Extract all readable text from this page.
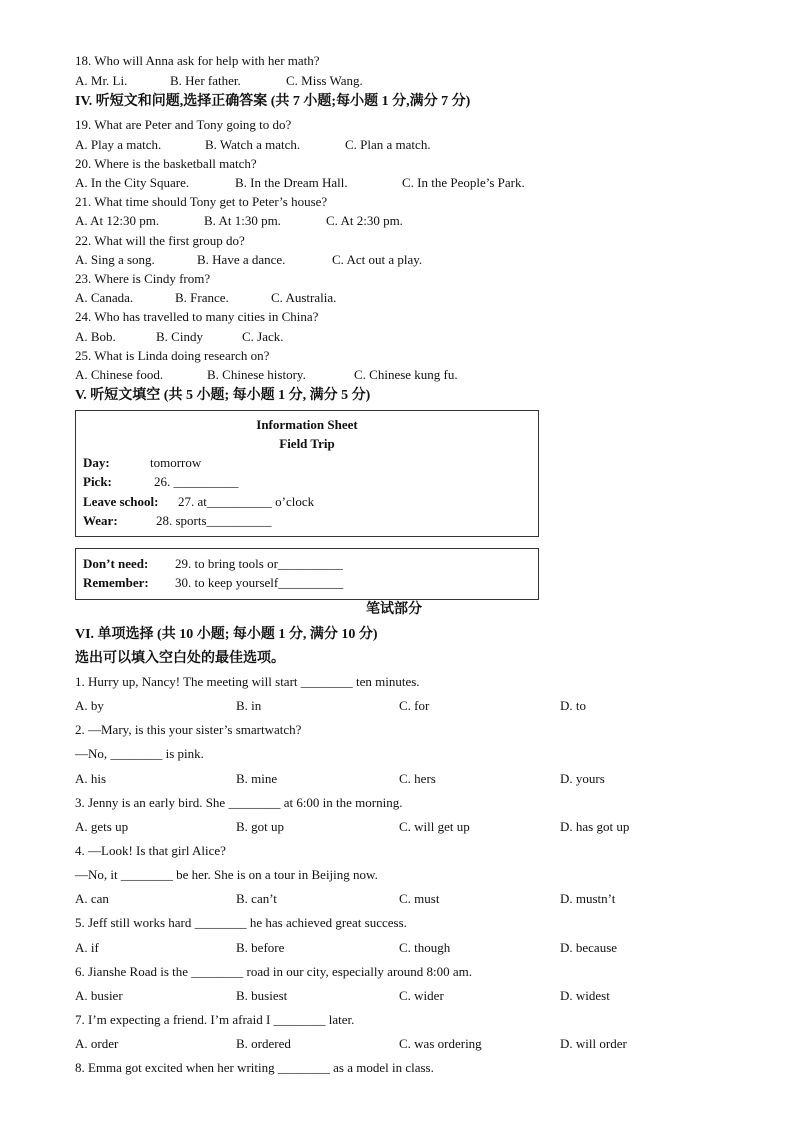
18. Who will Anna ask for help with her math?
A. Mr. Li.	B. Her father.	C. Miss Wang.
IV. 听短文和问题,选择正确答案 (共 7 小题;每小题 1 分,满分 7 分)
19. What are Peter and Tony going to do?
A. Play a match.	B. Watch a match.	C. Plan a match.
20. Where is the basketball match?
A. In the City Square.	B. In the Dream Hall.	C. In the People’s Park.
21. What time should Tony get to Peter’s house?
A. At 12:30 pm.	B. At 1:30 pm.	C. At 2:30 pm.
22. What will the first group do?
A. Sing a song.	B. Have a dance.	C. Act out a play.
23. Where is Cindy from?
A. Canada.	B. France.	C. Australia.
24. Who has travelled to many cities in China?
A. Bob.	B. Cindy	C. Jack.
25. What is Linda doing research on?
A. Chinese food.	B. Chinese history.	C. Chinese kung fu.
V. 听短文填空 (共 5 小题; 每小题 1 分, 满分 5 分)
Information Sheet
Field Trip
Day:	tomorrow
Pick:	26. __________
Leave school: 27. at__________ o’clock
Wear:	28. sports__________
Don’t need: 29. to bring tools or__________
Remember: 30. to keep yourself__________
笔试部分
VI. 单项选择 (共 10 小题; 每小题 1 分, 满分 10 分)
选出可以填入空白处的最佳选项。
1. Hurry up, Nancy! The meeting will start ________ ten minutes.
A. by	B. in	C. for	D. to
2. —Mary, is this your sister’s smartwatch?
—No, ________ is pink.
A. his	B. mine	C. hers	D. yours
3. Jenny is an early bird. She ________ at 6:00 in the morning.
A. gets up	B. got up	C. will get up	D. has got up
4. —Look! Is that girl Alice?
—No, it ________ be her. She is on a tour in Beijing now.
A. can	B. can’t	C. must	D. mustn’t
5. Jeff still works hard ________ he has achieved great success.
A. if	B. before	C. though	D. because
6. Jianshe Road is the ________ road in our city, especially around 8:00 am.
A. busier	B. busiest	C. wider	D. widest
7. I’m expecting a friend. I’m afraid I ________ later.
A. order	B. ordered	C. was ordering	D. will order
8. Emma got excited when her writing ________ as a model in class.
